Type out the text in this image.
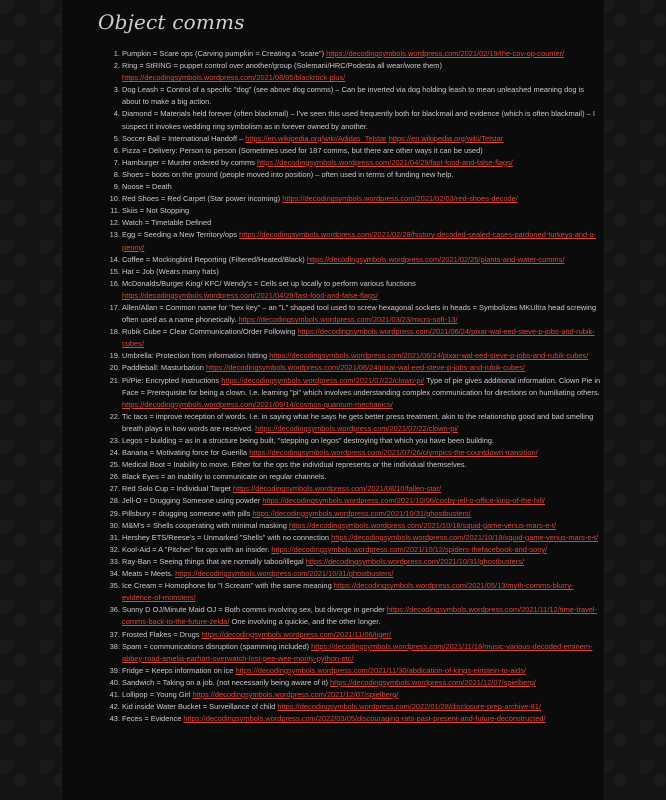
Object comms
1. Pumpkin = Scare ops (Carving pumpkin = Creating a "scare") https://decodingsymbols.wordpress.com/2021/02/19/the-cov-op-counter/
2. Ring = StRING = puppet control over another/group (Solemani/HRC/Podesta all wear/wore them) https://decodingsymbols.wordpress.com/2021/08/05/blackrock-plus/
3. Dog Leash = Control of a specific "dog" (see above dog comms) – Can be inverted via dog holding leash to mean unleashed meaning dog is about to make a big action.
4. Diamond = Materials held forever (often blackmail) – I've seen this used frequently both for blackmail and evidence (which is often blackmail) – I suspect it invokes wedding ring symbolism as in forever owned by another.
5. Soccer Ball = International Handoff – https://en.wikipedia.org/wiki/Adidas_Telstar https://en.wikipedia.org/wiki/Telstar
6. Pizza = Delivery: Person to person (Sometimes used for 187 comms, but there are other ways it can be used)
7. Hamburger = Murder ordered by comms https://decodingsymbols.wordpress.com/2021/04/29/fast-food-and-false-flags/
8. Shoes = boots on the ground (people moved into position) – often used in terms of funding new help.
9. Noose = Death
10. Red Shoes = Red Carpet (Star power incoming) https://decodingsymbols.wordpress.com/2021/02/03/red-shoes-decode/
11. Skiis = Not Stopping
12. Watch = Timetable Defined
13. Egg = Seeding a New Territory/ops https://decodingsymbols.wordpress.com/2021/02/28/history-decoded-sealed-cases-pardoned-turkeys-and-a-penny/
14. Coffee = Mockingbird Reporting (Filtered/Heated/Black) https://decodingsymbols.wordpress.com/2021/02/25/plants-and-water-comms/
15. Hat = Job (Wears many hats)
16. McDonalds/Burger King/ KFC/ Wendy's = Cells set up locally to perform various functions https://decodingsymbols.wordpress.com/2021/04/29/fast-food-and-false-flags/
17. Allen/Allan = Common name for "hex key" – an "L" shaped tool used to screw hexagonal sockets in heads = Symbolizes MKUltra head screwing often used as a name phonetically. https://decodingsymbols.wordpress.com/2021/03/23/micro-soft-13/
18. Rubik Cube = Clear Communication/Order Following https://decodingsymbols.wordpress.com/2021/06/24/pixar-wal-eed-steve-p-jobs-and-rubik-cubes/
19. Umbrella: Protection from information hitting https://decodingsymbols.wordpress.com/2021/06/24/pixar-wal-eed-steve-p-jobs-and-rubik-cubes/
20. Paddleball: Masturbation https://decodingsymbols.wordpress.com/2021/06/24/pixar-wal-eed-steve-p-jobs-and-rubik-cubes/
21. Pi/Pie: Encrypted Instructions https://decodingsymbols.wordpress.com/2021/07/22/clown-pi/ Type of pie gives additional information. Clown Pie in Face = Prerequisite for being a clown. I.e. learning "pi" which involves understanding complex communication for directions on humiliating others. https://decodingsymbols.wordpress.com/2021/09/14/cosmos-quantum-mechanics/
22. Tic tacs = improve reception of words. I.e. in saying what he says he gets better press treatment, akin to the relationship good and bad smelling breath plays in how words are received. https://decodingsymbols.wordpress.com/2021/07/22/clown-pi/
23. Legos = building = as in a structure being built, "stepping on legos" destroying that which you have been building.
24. Banana = Motivating force for Guerilla https://decodingsymbols.wordpress.com/2021/07/26/olympics-the-countdown-transition/
25. Medical Boot = Inability to move. Either for the ops the individual represents or the individual themselves.
26. Black Eyes = an inability to communicate on regular channels.
27. Red Solo Cup = Individual Target https://decodingsymbols.wordpress.com/2021/08/10/fallen-star/
28. Jell-O = Drugging Someone using powder https://decodingsymbols.wordpress.com/2021/10/06/cosby-jell-o-office-king-of-the-hill/
29. Pillsbury = drugging someone with pills https://decodingsymbols.wordpress.com/2021/10/31/ghostbusters/
30. M&M's = Shells cooperating with minimal masking https://decodingsymbols.wordpress.com/2021/10/18/squid-game-venus-mars-e-t/
31. Hershey ETS/Reese's = Unmarked "Shells" with no connection https://decodingsymbols.wordpress.com/2021/10/18/squid-game-venus-mars-e-t/
32. Kool-Aid = A "Pitcher" for ops with an insider. https://decodingsymbols.wordpress.com/2021/10/12/spiders-thefacebook-and-sony/
33. Ray-Ban = Seeing things that are normally taboo/illegal https://decodingsymbols.wordpress.com/2021/10/31/ghostbusters/
34. Meats = Meets. https://decodingsymbols.wordpress.com/2021/10/31/ghostbusters/
35. Ice Cream = Homophone for "I Scream" with the same meaning https://decodingsymbols.wordpress.com/2021/05/13/myth-comms-blurry-evidence-of-monsters/
36. Sunny D OJ/Minute Maid OJ = Both comms involving sex, but diverge in gender https://decodingsymbols.wordpress.com/2021/11/12/time-travel-comms-back-to-the-future-zelda/ One involving a quickie, and the other longer.
37. Frosted Flakes = Drugs https://decodingsymbols.wordpress.com/2021/11/06/tiger/
38. Spam = communications disruption (spamming included) https://decodingsymbols.wordpress.com/2021/11/18/music-various-decoded-eminem-abbey-road-amelia-earhart-overwatch-lost-pee-wee-monty-python-etc/
39. Fridge = Keeps information on ice https://decodingsymbols.wordpress.com/2021/11/30/abdication-of-kings-einstein-to-aids/
40. Sandwich = Taking on a job. (not necessarily being aware of it) https://decodingsymbols.wordpress.com/2021/12/07/spielberg/
41. Lollipop = Young Girl https://decodingsymbols.wordpress.com/2021/12/07/spielberg/
42. Kid inside Water Bucket = Surveillance of child https://decodingsymbols.wordpress.com/2022/01/28/disclosure-prep-archive-81/
43. Feces = Evidence https://decodingsymbols.wordpress.com/2022/03/05/discouraging-rats-past-present-and-future-deconstructed/
